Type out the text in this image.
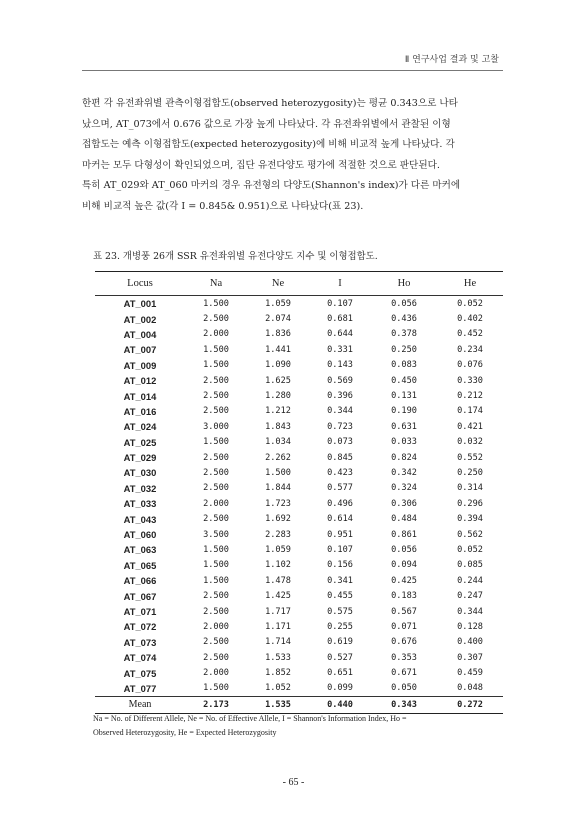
Ⅱ 연구사업 결과 및 고찰

한편 각 유전좌위별 관측이형접합도(observed heterozygosity)는 평균 0.343으로 나타

났으며, AT_073에서 0.676 값으로 가장 높게 나타났다. 각 유전좌위별에서 관찰된 이형

접합도는 예측 이형접합도(expected heterozygosity)에 비해 비교적 높게 나타났다. 각

마커는 모두 다형성이 확인되었으며, 집단 유전다양도 평가에 적절한 것으로 판단된다.

특히 AT_029와 AT_060 마커의 경우 유전형의 다양도(Shannon's index)가 다른 마커에

비해 비교적 높은 값(각 I = 0.845& 0.951)으로 나타났다(표 23).

표 23. 개병풍 26개 SSR 유전좌위별 유전다양도 지수 및 이형접합도.
Locus	Na	Ne	I	Ho	He
AT_001	1.500	1.059	0.107	0.056	0.052
AT_002	2.500	2.074	0.681	0.436	0.402
AT_004	2.000	1.836	0.644	0.378	0.452
AT_007	1.500	1.441	0.331	0.250	0.234
AT_009	1.500	1.090	0.143	0.083	0.076
AT_012	2.500	1.625	0.569	0.450	0.330
AT_014	2.500	1.280	0.396	0.131	0.212
AT_016	2.500	1.212	0.344	0.190	0.174
AT_024	3.000	1.843	0.723	0.631	0.421
AT_025	1.500	1.034	0.073	0.033	0.032
AT_029	2.500	2.262	0.845	0.824	0.552
AT_030	2.500	1.500	0.423	0.342	0.250
AT_032	2.500	1.844	0.577	0.324	0.314
AT_033	2.000	1.723	0.496	0.306	0.296
AT_043	2.500	1.692	0.614	0.484	0.394
AT_060	3.500	2.283	0.951	0.861	0.562
AT_063	1.500	1.059	0.107	0.056	0.052
AT_065	1.500	1.102	0.156	0.094	0.085
AT_066	1.500	1.478	0.341	0.425	0.244
AT_067	2.500	1.425	0.455	0.183	0.247
AT_071	2.500	1.717	0.575	0.567	0.344
AT_072	2.000	1.171	0.255	0.071	0.128
AT_073	2.500	1.714	0.619	0.676	0.400
AT_074	2.500	1.533	0.527	0.353	0.307
AT_075	2.000	1.852	0.651	0.671	0.459
AT_077	1.500	1.052	0.099	0.050	0.048
Mean	2.173	1.535	0.440	0.343	0.272

Na = No. of Different Allele, Ne = No. of Effective Allele, I = Shannon's Information Index, Ho =

Observed Heterozygosity, He = Expected Heterozygosity

- 65 -
